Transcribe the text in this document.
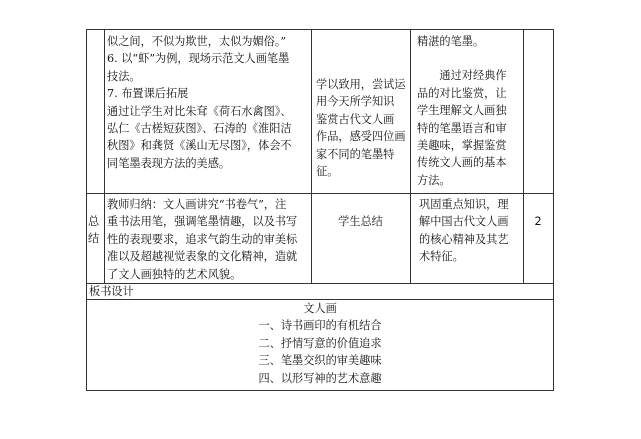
似之间，不似为欺世，太似为媚俗。”

6. 以“虾”为例，现场示范文人画笔墨

技法。

7. 布置课后拓展

通过让学生对比朱耷《荷石水禽图》、

弘仁《古槎短荻图》、石涛的《淮阳洁

秋图》和龚贤《溪山无尽图》，体会不

同笔墨表现方法的美感。

学以致用，尝试运

用今天所学知识

鉴赏古代文人画

作品，感受四位画

家不同的笔墨特

征。

精湛的笔墨。

　　通过对经典作

品的对比鉴赏，让

学生理解文人画独

特的笔墨语言和审

美趣味，掌握鉴赏

传统文人画的基本

方法。

总

结

教师归纳：文人画讲究“书卷气”，注

重书法用笔，强调笔墨情趣，以及书写

性的表现要求，追求气韵生动的审美标

准以及超越视觉表象的文化精神，造就

了文人画独特的艺术风貌。

学生总结

巩固重点知识，理

解中国古代文人画

的核心精神及其艺

术特征。

2

板书设计

文人画

一、诗书画印的有机结合

二、抒情写意的价值追求

三、笔墨交织的审美趣味

四、以形写神的艺术意趣
